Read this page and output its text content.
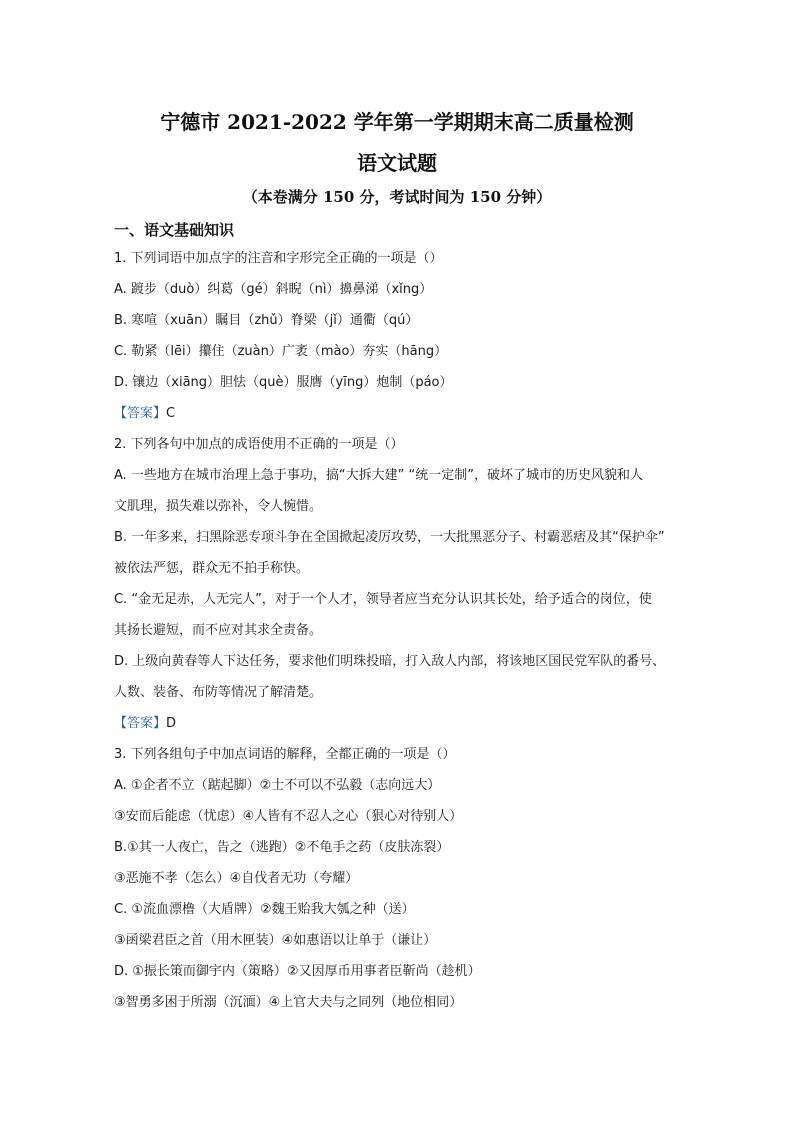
宁德市 2021-2022 学年第一学期期末高二质量检测
语文试题
（本卷满分 150 分，考试时间为 150 分钟）
一、语文基础知识
1. 下列词语中加点字的注音和字形完全正确的一项是（）
A. 踱步（duò）纠葛（gé）斜睨（nì）擤鼻涕（xǐng）
B. 寒喧（xuān）瞩目（zhǔ）脊梁（jǐ）通衢（qú）
C. 勒紧（lēi）攥住（zuàn）广袤（mào）夯实（hāng）
D. 镶边（xiāng）胆怯（què）服膺（yīng）炮制（páo）
【答案】C
2. 下列各句中加点的成语使用不正确的一项是（）
A. 一些地方在城市治理上急于事功，搞“大拆大建” “统一定制”，破坏了城市的历史风貌和人
文肌理，损失难以弥补，令人惋惜。
B. 一年多来，扫黑除恶专项斗争在全国掀起凌厉攻势，一大批黑恶分子、村霸恶痞及其“保护伞”
被依法严惩，群众无不拍手称快。
C. “金无足赤，人无完人”，对于一个人才，领导者应当充分认识其长处，给予适合的岗位，使
其扬长避短，而不应对其求全责备。
D. 上级向黄春等人下达任务，要求他们明珠投暗，打入敌人内部，将该地区国民党军队的番号、
人数、装备、布防等情况了解清楚。
【答案】D
3. 下列各组句子中加点词语的解释，全都正确的一项是（）
A. ①企者不立（踮起脚）②士不可以不弘毅（志向远大）
③安而后能虑（忧虑）④人皆有不忍人之心（狠心对待别人）
B.①其一人夜亡，告之（逃跑）②不龟手之药（皮肤冻裂）
③恶施不孝（怎么）④自伐者无功（夸耀）
C. ①流血漂橹（大盾牌）②魏王贻我大瓠之种（送）
③函梁君臣之首（用木匣装）④如惠语以让单于（谦让）
D. ①振长策而御宇内（策略）②又因厚币用事者臣靳尚（趁机）
③智勇多困于所溺（沉湎）④上官大夫与之同列（地位相同）
